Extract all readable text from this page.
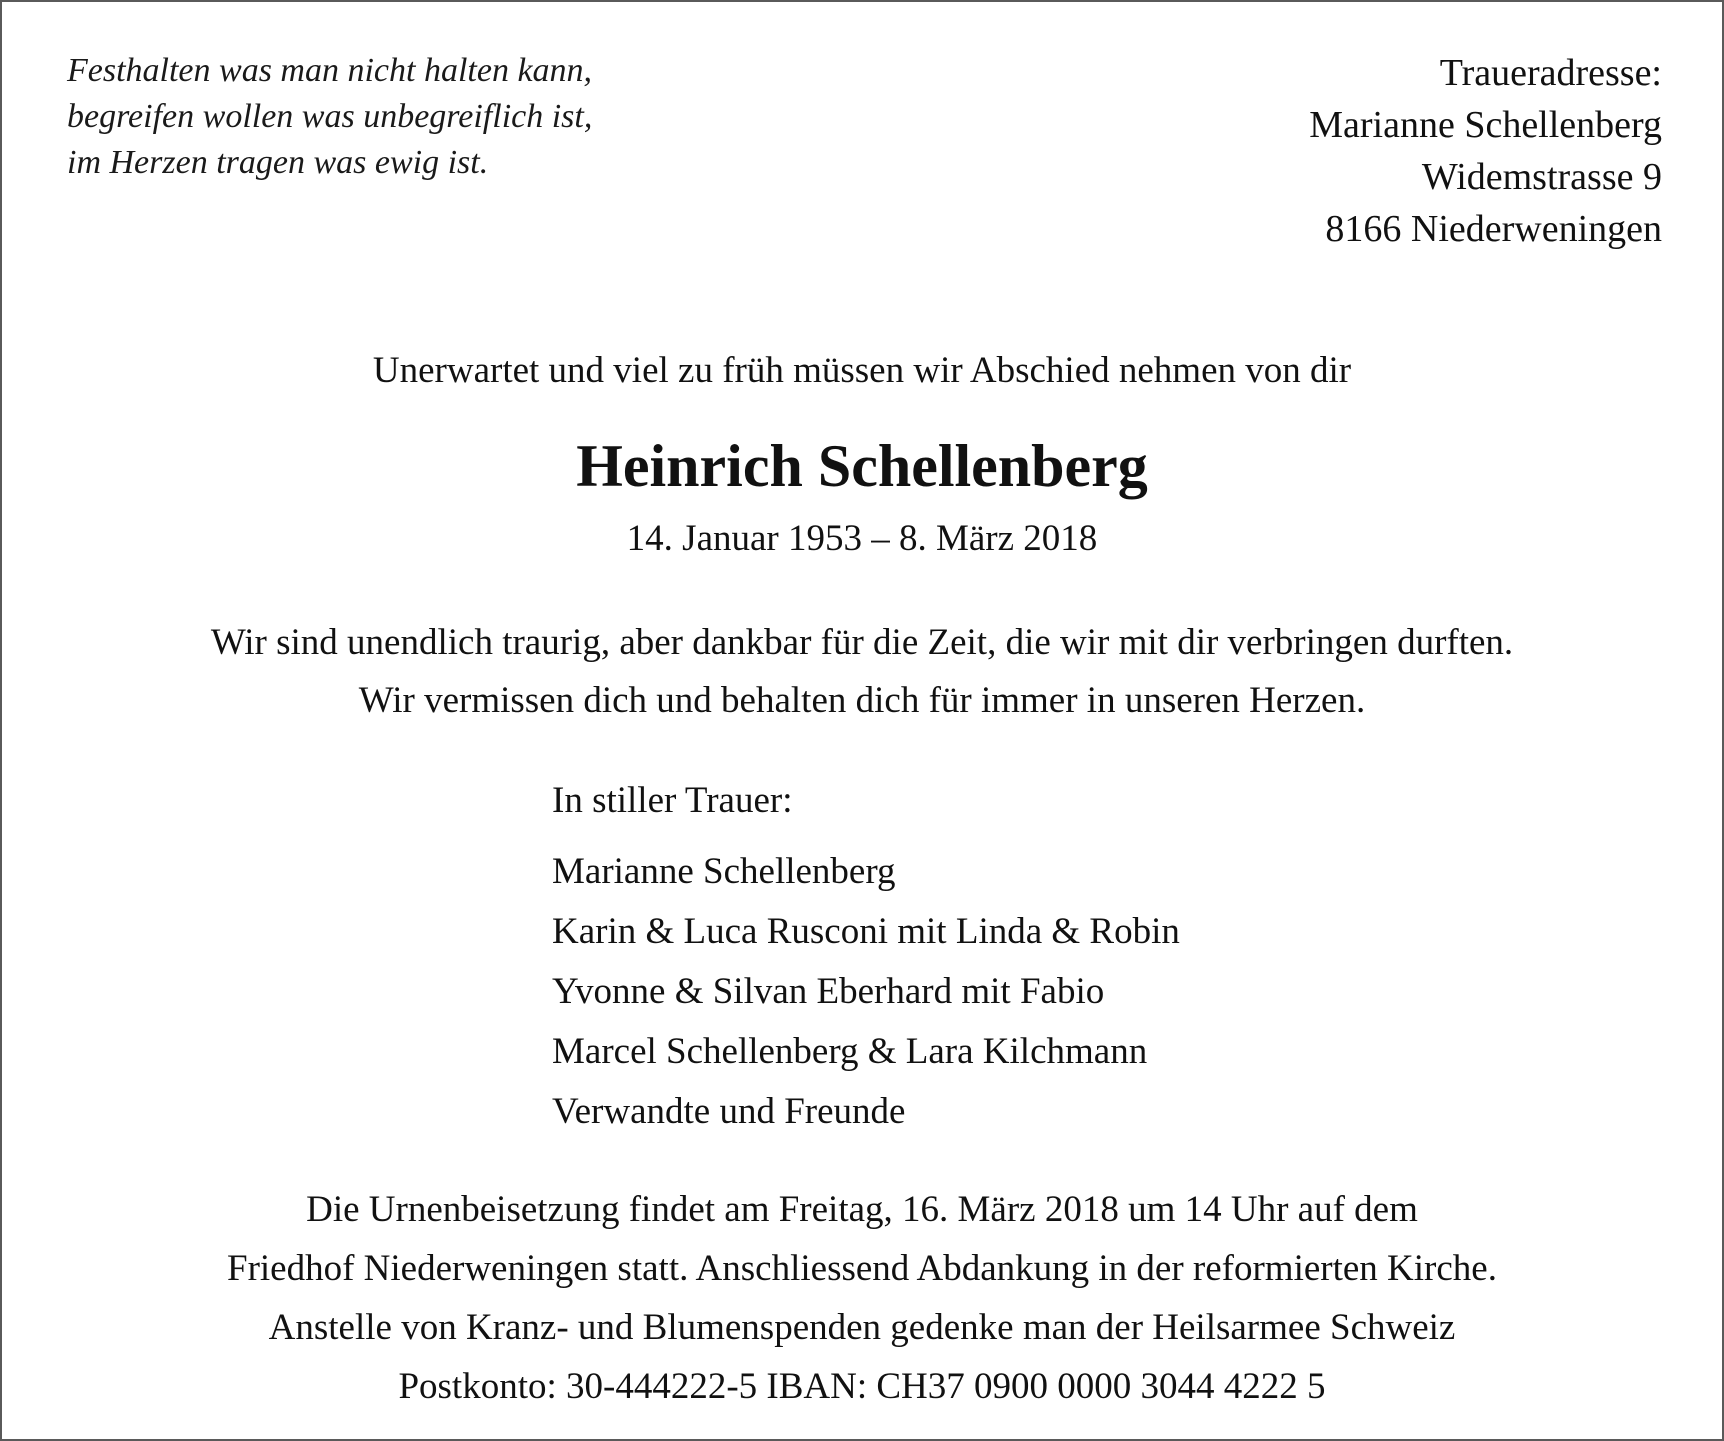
Festhalten was man nicht halten kann,
begreifen wollen was unbegreiflich ist,
im Herzen tragen was ewig ist.
Traueradresse:
Marianne Schellenberg
Widemstrasse 9
8166 Niederweningen
Unerwartet und viel zu früh müssen wir Abschied nehmen von dir
Heinrich Schellenberg
14. Januar 1953 – 8. März 2018
Wir sind unendlich traurig, aber dankbar für die Zeit, die wir mit dir verbringen durften.
Wir vermissen dich und behalten dich für immer in unseren Herzen.
In stiller Trauer:
Marianne Schellenberg
Karin & Luca Rusconi mit Linda & Robin
Yvonne & Silvan Eberhard mit Fabio
Marcel Schellenberg & Lara Kilchmann
Verwandte und Freunde
Die Urnenbeisetzung findet am Freitag, 16. März 2018 um 14 Uhr auf dem
Friedhof Niederweningen statt. Anschliessend Abdankung in der reformierten Kirche.
Anstelle von Kranz- und Blumenspenden gedenke man der Heilsarmee Schweiz
Postkonto: 30-444222-5 IBAN: CH37 0900 0000 3044 4222 5
